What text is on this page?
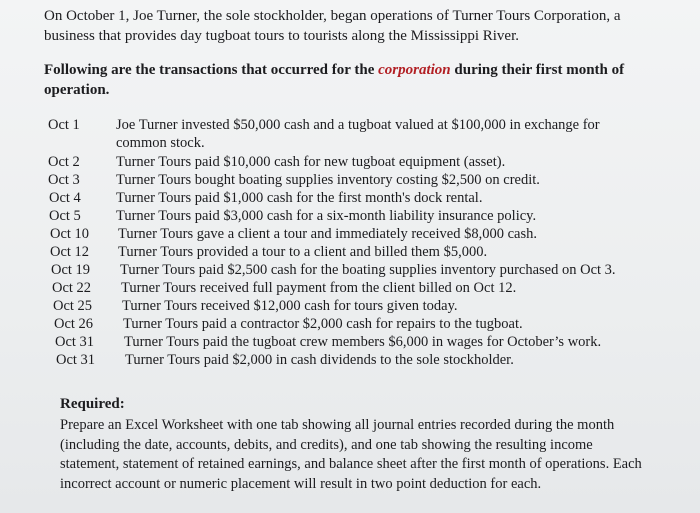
On October 1, Joe Turner, the sole stockholder, began operations of Turner Tours Corporation, a business that provides day tugboat tours to tourists along the Mississippi River.
Following are the transactions that occurred for the corporation during their first month of operation.
Oct 1 Joe Turner invested $50,000 cash and a tugboat valued at $100,000 in exchange for
common stock.
Oct 2 Turner Tours paid $10,000 cash for new tugboat equipment (asset).
Oct 3 Turner Tours bought boating supplies inventory costing $2,500 on credit.
Oct 4 Turner Tours paid $1,000 cash for the first month's dock rental.
Oct 5 Turner Tours paid $3,000 cash for a six-month liability insurance policy.
Oct 10 Turner Tours gave a client a tour and immediately received $8,000 cash.
Oct 12 Turner Tours provided a tour to a client and billed them $5,000.
Oct 19 Turner Tours paid $2,500 cash for the boating supplies inventory purchased on Oct 3.
Oct 22 Turner Tours received full payment from the client billed on Oct 12.
Oct 25 Turner Tours received $12,000 cash for tours given today.
Oct 26 Turner Tours paid a contractor $2,000 cash for repairs to the tugboat.
Oct 31 Turner Tours paid the tugboat crew members $6,000 in wages for October’s work.
Oct 31 Turner Tours paid $2,000 in cash dividends to the sole stockholder.
Required:
Prepare an Excel Worksheet with one tab showing all journal entries recorded during the month (including the date, accounts, debits, and credits), and one tab showing the resulting income statement, statement of retained earnings, and balance sheet after the first month of operations. Each incorrect account or numeric placement will result in two point deduction for each.
